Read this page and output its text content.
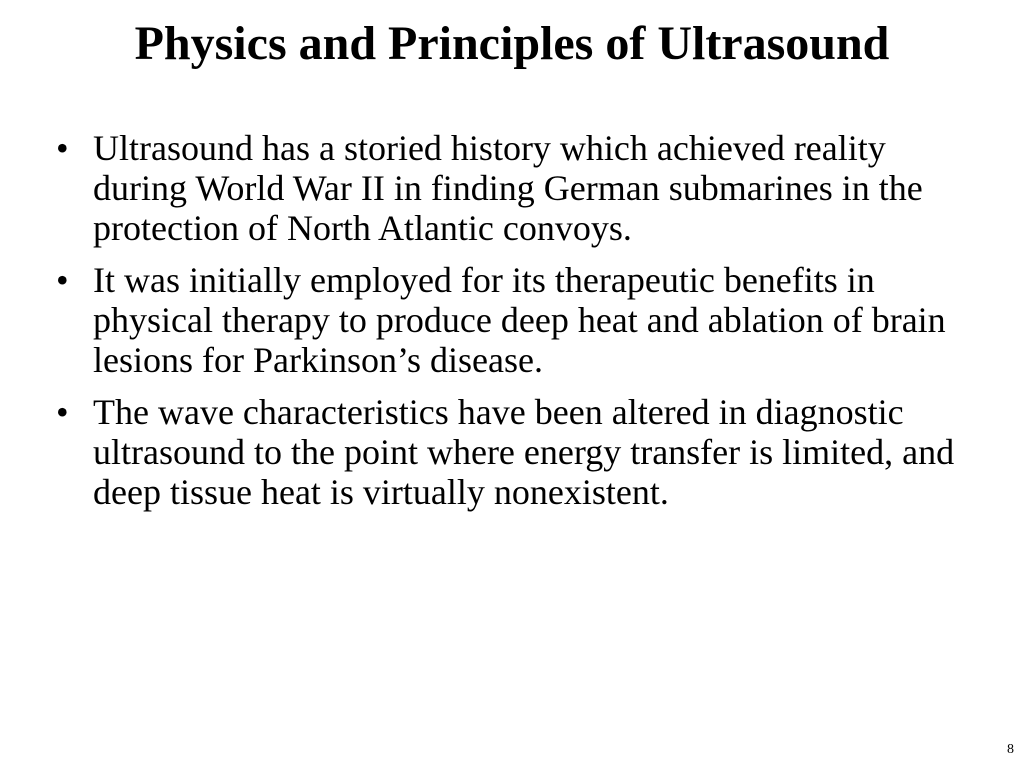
Physics and Principles of Ultrasound
• Ultrasound has a storied history which achieved reality during World War II in finding German submarines in the protection of North Atlantic convoys.
• It was initially employed for its therapeutic benefits in physical therapy to produce deep heat and ablation of brain lesions for Parkinson’s disease.
• The wave characteristics have been altered in diagnostic ultrasound to the point where energy transfer is limited, and deep tissue heat is virtually nonexistent.
8
